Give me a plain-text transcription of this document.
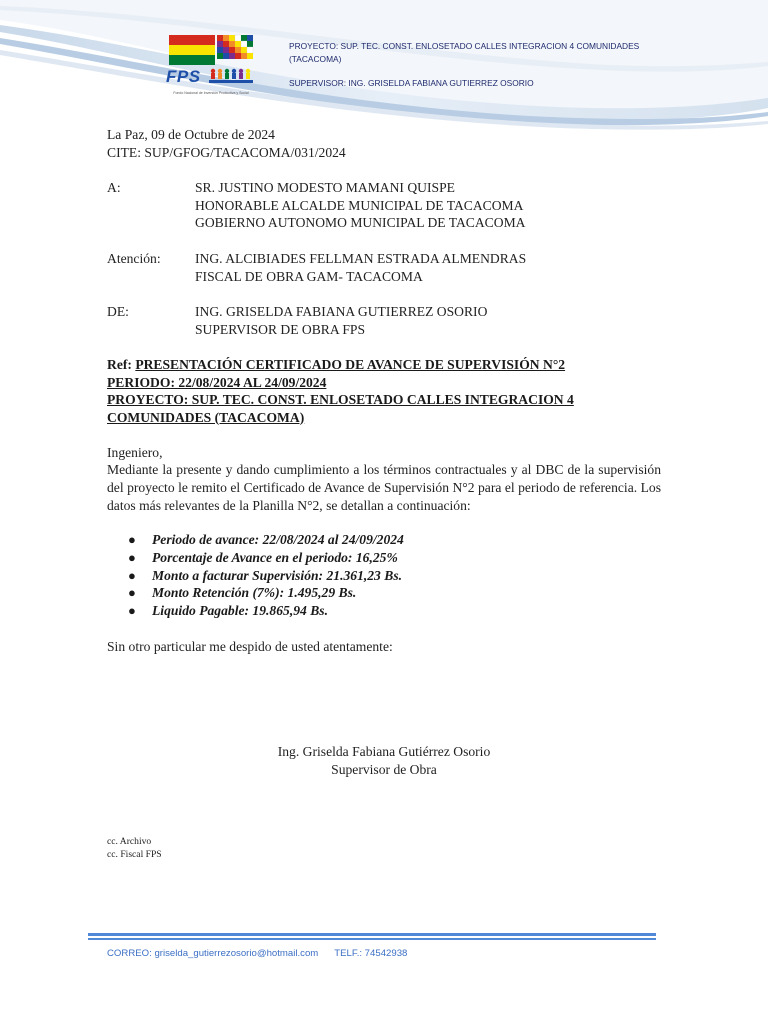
FPS
Fondo Nacional de Inversión Productiva y Social
PROYECTO: SUP. TEC. CONST. ENLOSETADO CALLES INTEGRACION 4 COMUNIDADES (TACACOMA)
SUPERVISOR: ING. GRISELDA FABIANA GUTIERREZ OSORIO
La Paz, 09 de Octubre de 2024
CITE: SUP/GFOG/TACACOMA/031/2024
A:	SR. JUSTINO MODESTO MAMANI QUISPE
HONORABLE ALCALDE MUNICIPAL DE TACACOMA
GOBIERNO AUTONOMO MUNICIPAL DE TACACOMA
Atención:	ING. ALCIBIADES FELLMAN ESTRADA ALMENDRAS
FISCAL DE OBRA GAM- TACACOMA
DE:	ING. GRISELDA FABIANA GUTIERREZ OSORIO
SUPERVISOR DE OBRA FPS
Ref: PRESENTACIÓN CERTIFICADO DE AVANCE DE SUPERVISIÓN N°2
PERIODO: 22/08/2024 AL 24/09/2024
PROYECTO: SUP. TEC. CONST. ENLOSETADO CALLES INTEGRACION 4 COMUNIDADES (TACACOMA)
Ingeniero,
Mediante la presente y dando cumplimiento a los términos contractuales y al DBC de la supervisión del proyecto le remito el Certificado de Avance de Supervisión N°2 para el periodo de referencia. Los datos más relevantes de la Planilla N°2, se detallan a continuación:
● Periodo de avance: 22/08/2024 al 24/09/2024
● Porcentaje de Avance en el periodo: 16,25%
● Monto a facturar Supervisión: 21.361,23 Bs.
● Monto Retención (7%): 1.495,29 Bs.
● Liquido Pagable: 19.865,94 Bs.
Sin otro particular me despido de usted atentamente:
Ing. Griselda Fabiana Gutiérrez Osorio
Supervisor de Obra
cc. Archivo
cc. Fiscal FPS
CORREO: griselda_gutierrezosorio@hotmail.com TELF.: 74542938
